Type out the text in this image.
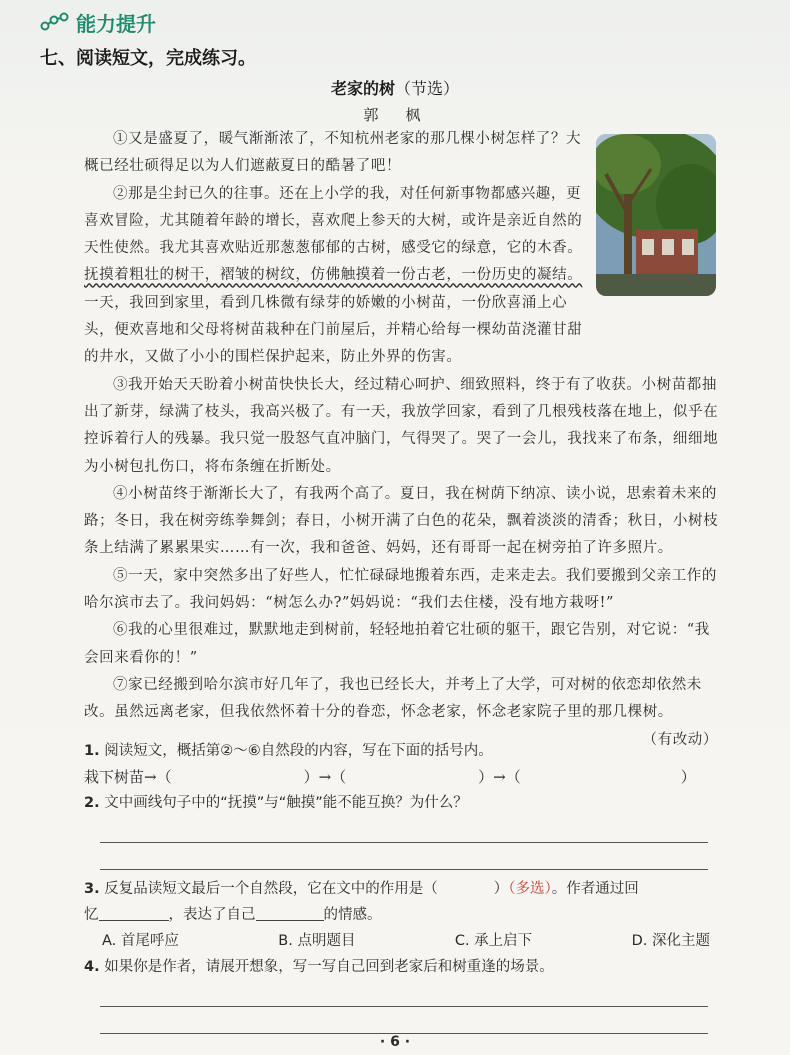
能力提升
七、阅读短文，完成练习。
老家的树（节选）
郭　枫

①又是盛夏了，暖气渐渐浓了，不知杭州老家的那几棵小树怎样了？大概已经壮硕得足以为人们遮蔽夏日的酷暑了吧！

②那是尘封已久的往事。还在上小学的我，对任何新事物都感兴趣，更喜欢冒险，尤其随着年龄的增长，喜欢爬上参天的大树，或许是亲近自然的天性使然。我尤其喜欢贴近那葱葱郁郁的古树，感受它的绿意，它的木香。抚摸着粗壮的树干，褶皱的树纹，仿佛触摸着一份古老，一份历史的凝结。一天，我回到家里，看到几株微有绿芽的娇嫩的小树苗，一份欣喜涌上心头，便欢喜地和父母将树苗栽种在门前屋后，并精心给每一棵幼苗浇灌甘甜的井水，又做了小小的围栏保护起来，防止外界的伤害。

③我开始天天盼着小树苗快快长大，经过精心呵护、细致照料，终于有了收获。小树苗都抽出了新芽，绿满了枝头，我高兴极了。有一天，我放学回家，看到了几根残枝落在地上，似乎在控诉着行人的残暴。我只觉一股怒气直冲脑门，气得哭了。哭了一会儿，我找来了布条，细细地为小树包扎伤口，将布条缠在折断处。

④小树苗终于渐渐长大了，有我两个高了。夏日，我在树荫下纳凉、读小说，思索着未来的路；冬日，我在树旁练拳舞剑；春日，小树开满了白色的花朵，飘着淡淡的清香；秋日，小树枝条上结满了累累果实……有一次，我和爸爸、妈妈，还有哥哥一起在树旁拍了许多照片。

⑤一天，家中突然多出了好些人，忙忙碌碌地搬着东西，走来走去。我们要搬到父亲工作的哈尔滨市去了。我问妈妈：“树怎么办?”妈妈说：“我们去住楼，没有地方栽呀!”

⑥我的心里很难过，默默地走到树前，轻轻地拍着它壮硕的躯干，跟它告别，对它说：“我会回来看你的！”

⑦家已经搬到哈尔滨市好几年了，我也已经长大，并考上了大学，可对树的依恋却依然未改。虽然远离老家，但我依然怀着十分的眷恋，怀念老家，怀念老家院子里的那几棵树。

（有改动）

1. 阅读短文，概括第②～⑥自然段的内容，写在下面的括号内。

栽下树苗→（	）→（	）→（	）

2. 文中画线句子中的“抚摸”与“触摸”能不能互换？为什么？

3. 反复品读短文最后一个自然段，它在文中的作用是（	）（多选）。作者通过回

忆	，表达了自己	的情感。

A. 首尾呼应	B. 点明题目	C. 承上启下	D. 深化主题

4. 如果你是作者，请展开想象，写一写自己回到老家后和树重逢的场景。

· 6 ·
